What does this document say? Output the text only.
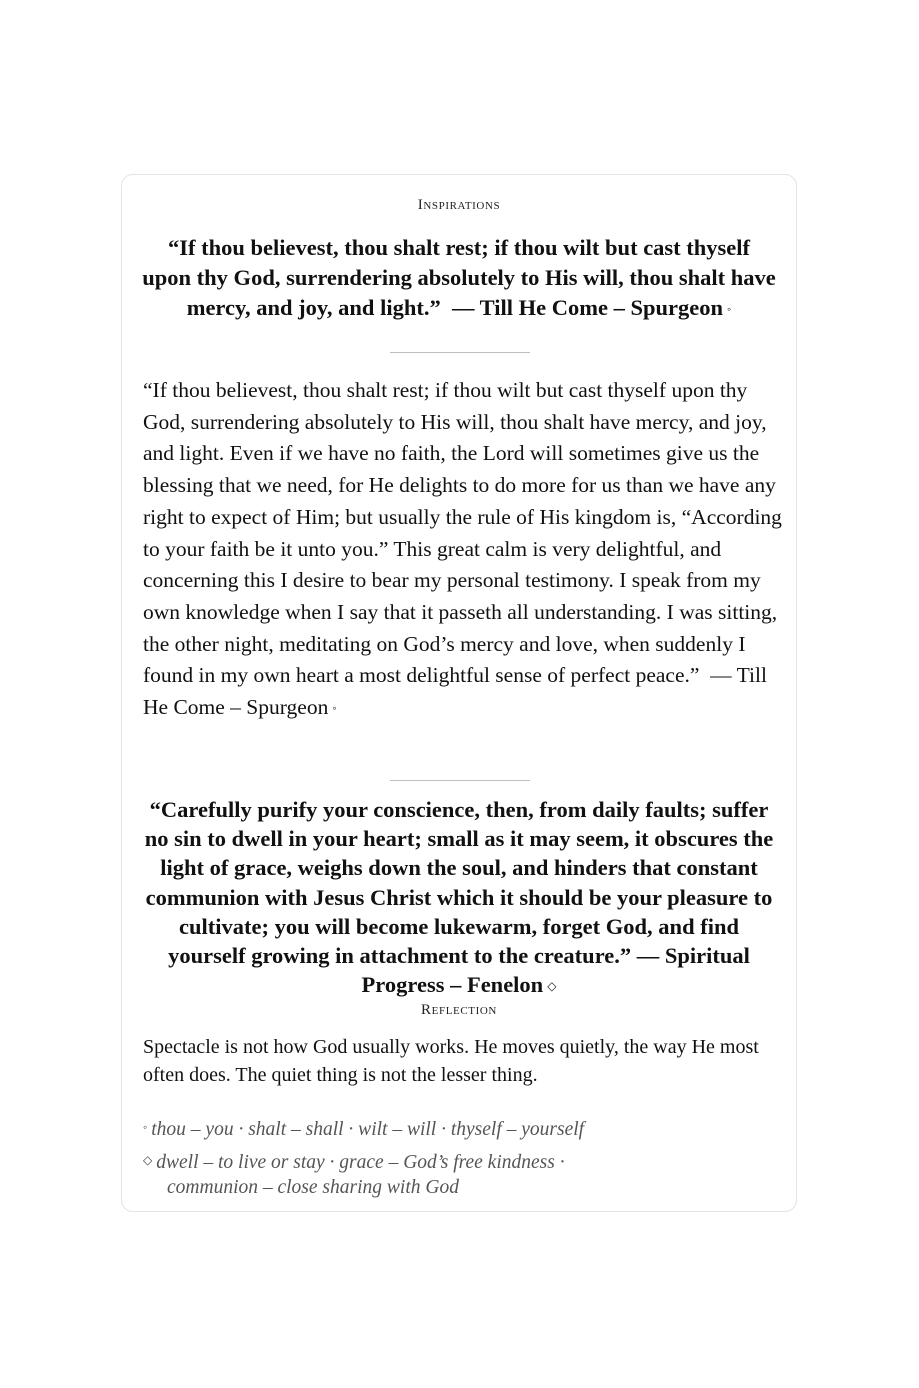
Inspirations
“If thou believest, thou shalt rest; if thou wilt but cast thyself upon thy God, surrendering absolutely to His will, thou shalt have mercy, and joy, and light.” — Till He Come – Spurgeon ◦
“If thou believest, thou shalt rest; if thou wilt but cast thyself upon thy God, surrendering absolutely to His will, thou shalt have mercy, and joy, and light. Even if we have no faith, the Lord will sometimes give us the blessing that we need, for He delights to do more for us than we have any right to expect of Him; but usually the rule of His kingdom is, “According to your faith be it unto you.” This great calm is very delightful, and concerning this I desire to bear my personal testimony. I speak from my own knowledge when I say that it passeth all understanding. I was sitting, the other night, meditating on God’s mercy and love, when suddenly I found in my own heart a most delightful sense of perfect peace.” — Till He Come – Spurgeon ◦
“Carefully purify your conscience, then, from daily faults; suffer no sin to dwell in your heart; small as it may seem, it obscures the light of grace, weighs down the soul, and hinders that constant communion with Jesus Christ which it should be your pleasure to cultivate; you will become lukewarm, forget God, and find yourself growing in attachment to the creature.” — Spiritual Progress – Fenelon ◇
Reflection
Spectacle is not how God usually works. He moves quietly, the way He most often does. The quiet thing is not the lesser thing.
◦ thou – you · shalt – shall · wilt – will · thyself – yourself
◇ dwell – to live or stay · grace – God’s free kindness ·
communion – close sharing with God
